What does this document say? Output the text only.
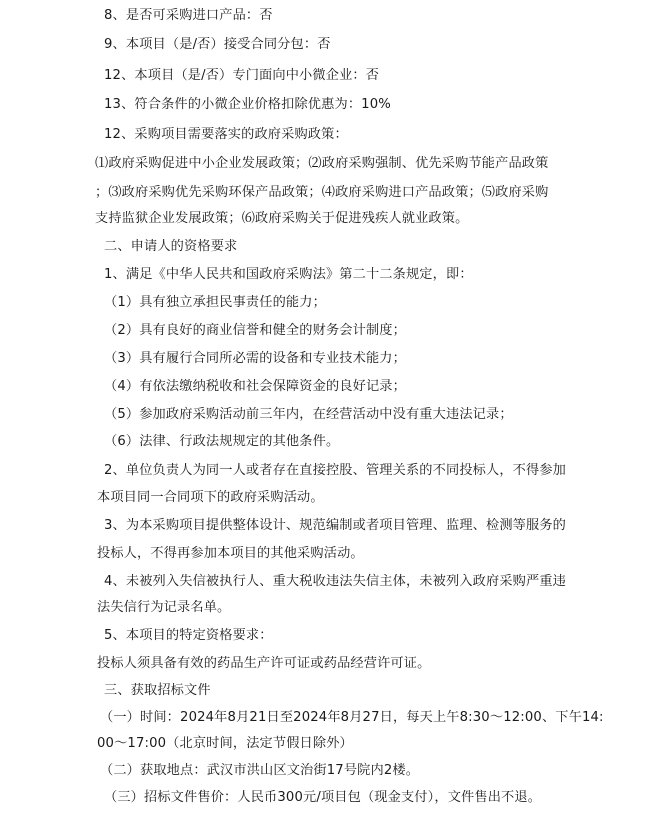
8、是否可采购进口产品：否
9、本项目（是/否）接受合同分包：否
12、本项目（是/否）专门面向中小微企业：否
13、符合条件的小微企业价格扣除优惠为：10%
12、采购项目需要落实的政府采购政策：
⑴政府采购促进中小企业发展政策；⑵政府采购强制、优先采购节能产品政策
；⑶政府采购优先采购环保产品政策；⑷政府采购进口产品政策；⑸政府采购
支持监狱企业发展政策；⑹政府采购关于促进残疾人就业政策。
二、申请人的资格要求
1、满足《中华人民共和国政府采购法》第二十二条规定，即：
（1）具有独立承担民事责任的能力；
（2）具有良好的商业信誉和健全的财务会计制度；
（3）具有履行合同所必需的设备和专业技术能力；
（4）有依法缴纳税收和社会保障资金的良好记录；
（5）参加政府采购活动前三年内，在经营活动中没有重大违法记录；
（6）法律、行政法规规定的其他条件。
2、单位负责人为同一人或者存在直接控股、管理关系的不同投标人，不得参加
本项目同一合同项下的政府采购活动。
3、为本采购项目提供整体设计、规范编制或者项目管理、监理、检测等服务的
投标人，不得再参加本项目的其他采购活动。
4、未被列入失信被执行人、重大税收违法失信主体，未被列入政府采购严重违
法失信行为记录名单。
5、本项目的特定资格要求：
投标人须具备有效的药品生产许可证或药品经营许可证。
三、获取招标文件
（一）时间：2024年8月21日至2024年8月27日，每天上午8:30～12:00、下午14:
00～17:00（北京时间，法定节假日除外）
（二）获取地点：武汉市洪山区文治街17号院内2楼。
（三）招标文件售价：人民币300元/项目包（现金支付），文件售出不退。
